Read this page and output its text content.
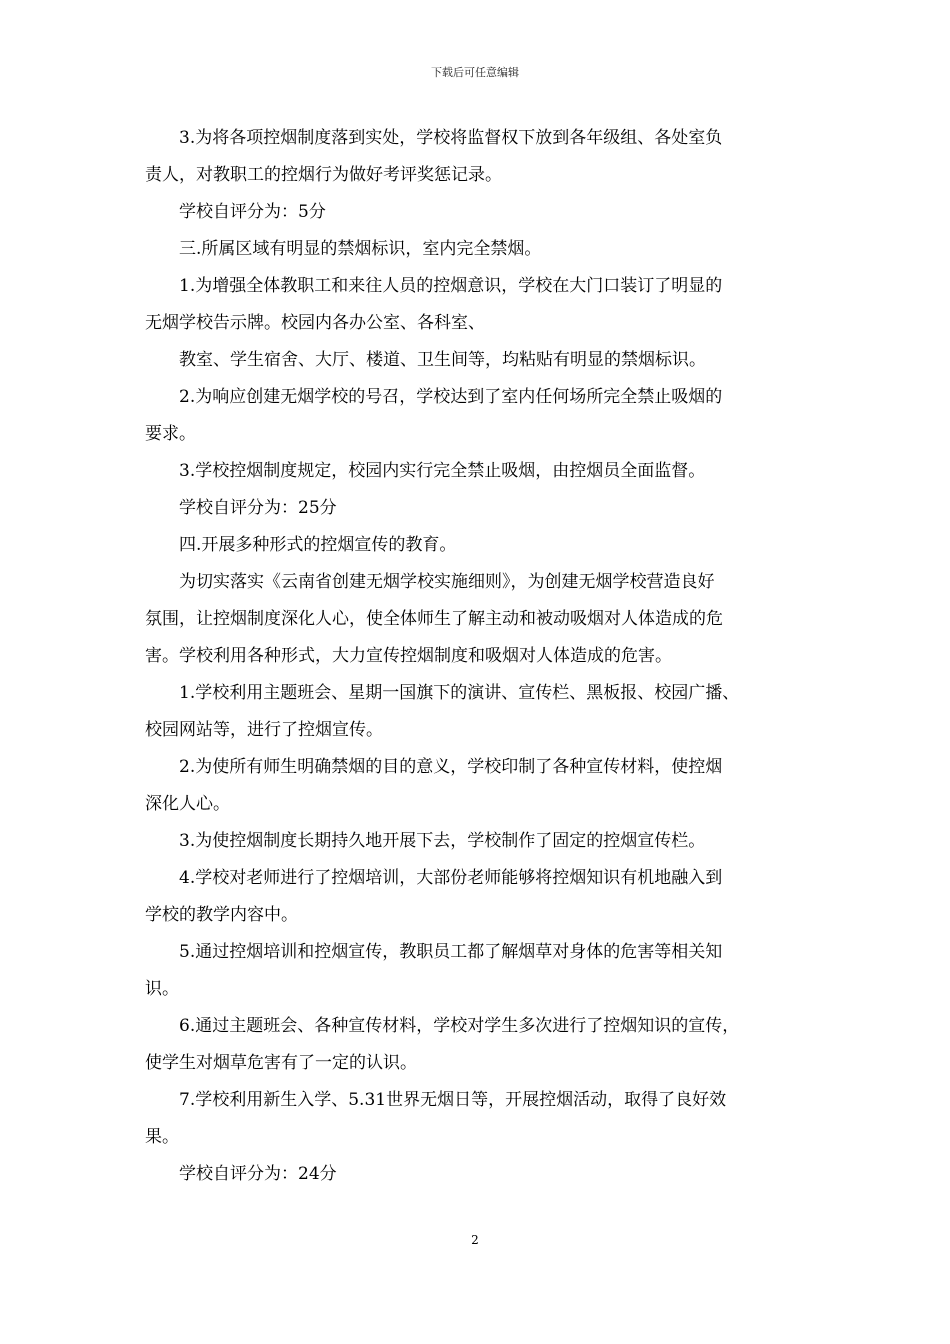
下载后可任意编辑

3.为将各项控烟制度落到实处，学校将监督权下放到各年级组、各处室负

责人，对教职工的控烟行为做好考评奖惩记录。

学校自评分为：5分

三.所属区域有明显的禁烟标识，室内完全禁烟。

1.为增强全体教职工和来往人员的控烟意识，学校在大门口装订了明显的

无烟学校告示牌。校园内各办公室、各科室、

教室、学生宿舍、大厅、楼道、卫生间等，均粘贴有明显的禁烟标识。

2.为响应创建无烟学校的号召，学校达到了室内任何场所完全禁止吸烟的

要求。

3.学校控烟制度规定，校园内实行完全禁止吸烟，由控烟员全面监督。

学校自评分为：25分

四.开展多种形式的控烟宣传的教育。

为切实落实《云南省创建无烟学校实施细则》，为创建无烟学校营造良好

氛围，让控烟制度深化人心，使全体师生了解主动和被动吸烟对人体造成的危

害。学校利用各种形式，大力宣传控烟制度和吸烟对人体造成的危害。

1.学校利用主题班会、星期一国旗下的演讲、宣传栏、黑板报、校园广播、

校园网站等，进行了控烟宣传。

2.为使所有师生明确禁烟的目的意义，学校印制了各种宣传材料，使控烟

深化人心。

3.为使控烟制度长期持久地开展下去，学校制作了固定的控烟宣传栏。

4.学校对老师进行了控烟培训，大部份老师能够将控烟知识有机地融入到

学校的教学内容中。

5.通过控烟培训和控烟宣传，教职员工都了解烟草对身体的危害等相关知

识。

6.通过主题班会、各种宣传材料，学校对学生多次进行了控烟知识的宣传，

使学生对烟草危害有了一定的认识。

7.学校利用新生入学、5.31世界无烟日等，开展控烟活动，取得了良好效

果。

学校自评分为：24分

2
